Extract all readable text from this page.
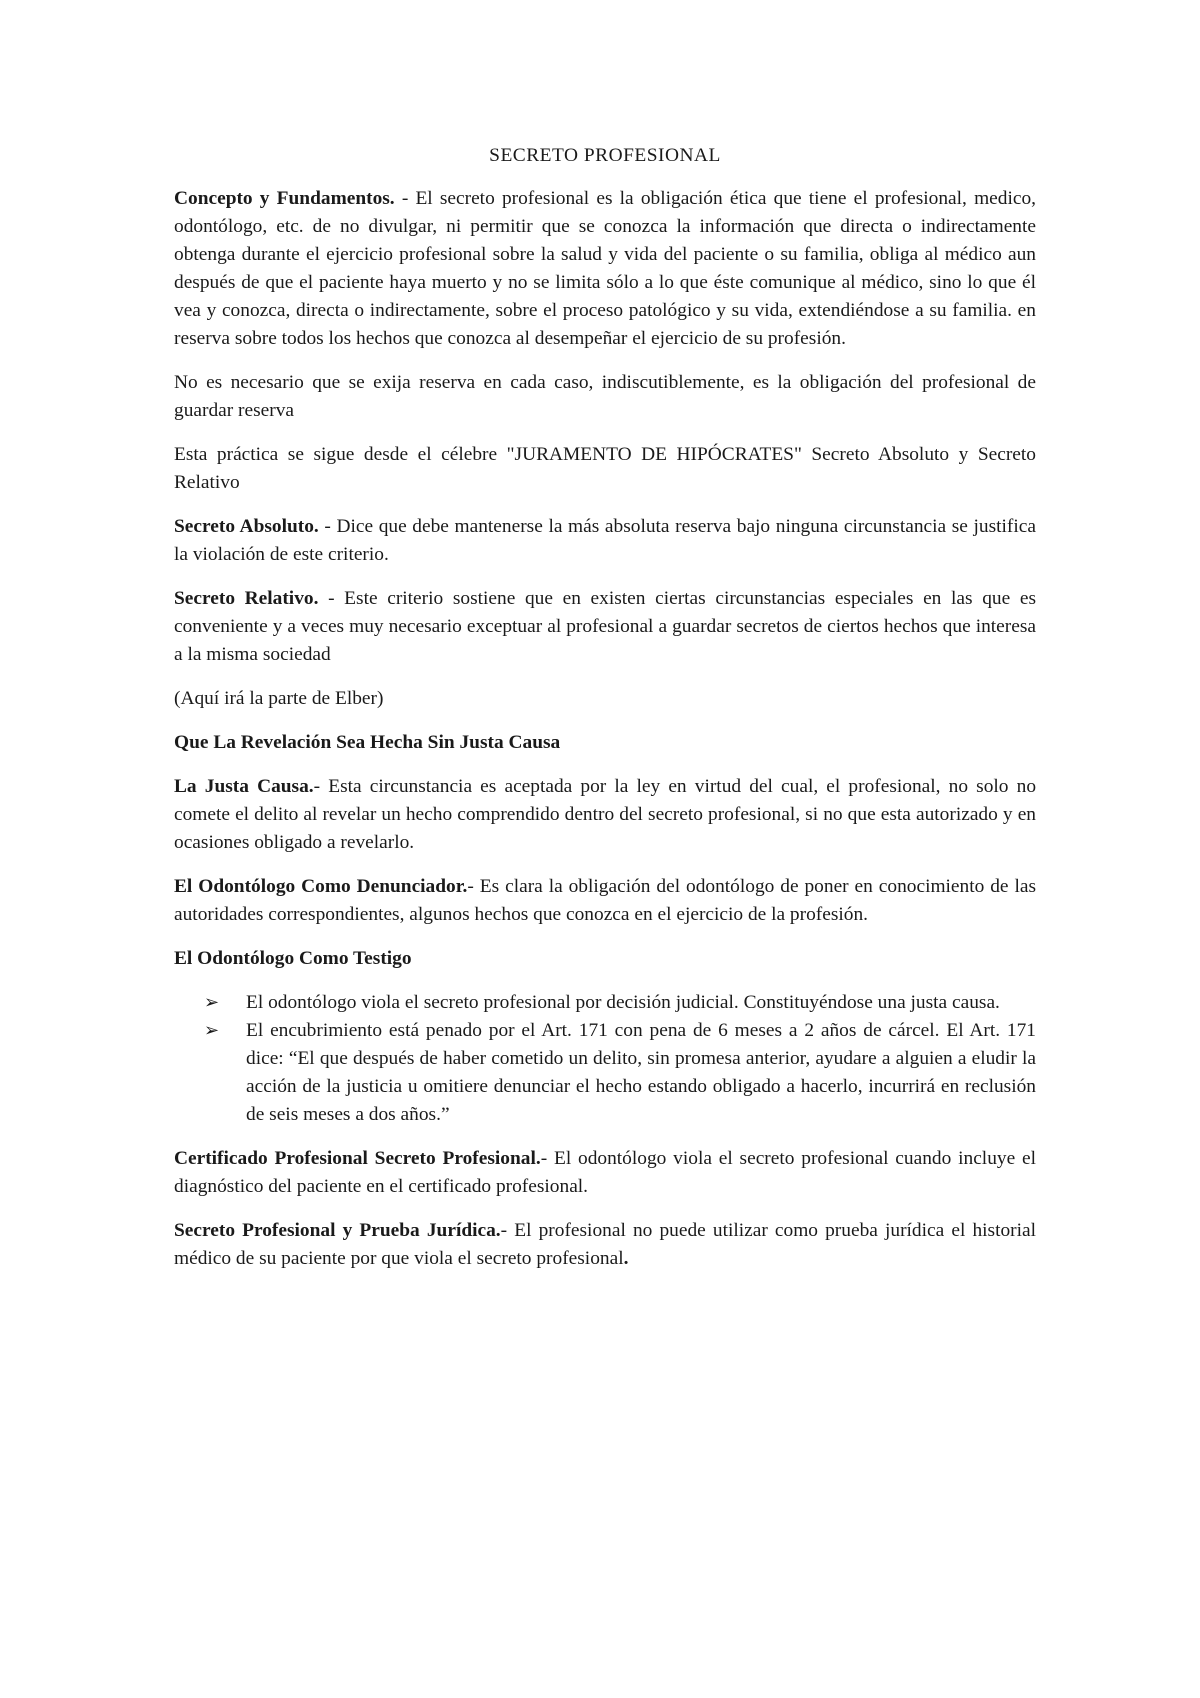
SECRETO PROFESIONAL

Concepto y Fundamentos. - El secreto profesional es la obligación ética que tiene el profesional, medico, odontólogo, etc. de no divulgar, ni permitir que se conozca la información que directa o indirectamente obtenga durante el ejercicio profesional sobre la salud y vida del paciente o su familia, obliga al médico aun después de que el paciente haya muerto y no se limita sólo a lo que éste comunique al médico, sino lo que él vea y conozca, directa o indirectamente, sobre el proceso patológico y su vida, extendiéndose a su familia. en reserva sobre todos los hechos que conozca al desempeñar el ejercicio de su profesión.

No es necesario que se exija reserva en cada caso, indiscutiblemente, es la obligación del profesional de guardar reserva

Esta práctica se sigue desde el célebre "JURAMENTO DE HIPÓCRATES" Secreto Absoluto y Secreto Relativo

Secreto Absoluto. - Dice que debe mantenerse la más absoluta reserva bajo ninguna circunstancia se justifica la violación de este criterio.

Secreto Relativo. - Este criterio sostiene que en existen ciertas circunstancias especiales en las que es conveniente y a veces muy necesario exceptuar al profesional a guardar secretos de ciertos hechos que interesa a la misma sociedad

(Aquí irá la parte de Elber)

Que La Revelación Sea Hecha Sin Justa Causa

La Justa Causa.- Esta circunstancia es aceptada por la ley en virtud del cual, el profesional, no solo no comete el delito al revelar un hecho comprendido dentro del secreto profesional, si no que esta autorizado y en ocasiones obligado a revelarlo.

El Odontólogo Como Denunciador.- Es clara la obligación del odontólogo de poner en conocimiento de las autoridades correspondientes, algunos hechos que conozca en el ejercicio de la profesión.

El Odontólogo Como Testigo

➢	El odontólogo viola el secreto profesional por decisión judicial. Constituyéndose una justa causa.
➢	El encubrimiento está penado por el Art. 171 con pena de 6 meses a 2 años de cárcel. El Art. 171 dice: “El que después de haber cometido un delito, sin promesa anterior, ayudare a alguien a eludir la acción de la justicia u omitiere denunciar el hecho estando obligado a hacerlo, incurrirá en reclusión de seis meses a dos años.”

Certificado Profesional Secreto Profesional.- El odontólogo viola el secreto profesional cuando incluye el diagnóstico del paciente en el certificado profesional.

Secreto Profesional y Prueba Jurídica.- El profesional no puede utilizar como prueba jurídica el historial médico de su paciente por que viola el secreto profesional.
